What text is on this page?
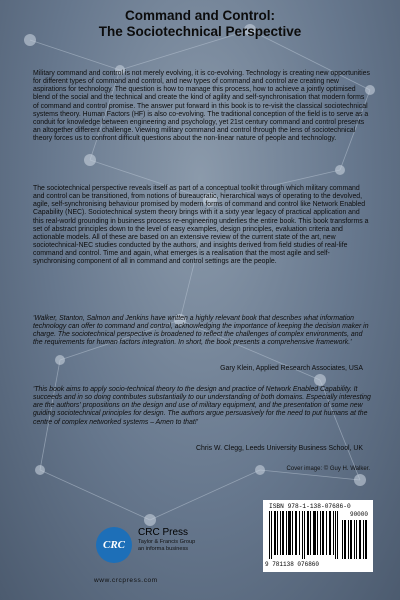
Command and Control:
The Sociotechnical Perspective

Military command and control is not merely evolving, it is co-evolving. Technology is creating new opportunities for different types of command and control, and new types of command and control are creating new aspirations for technology. The question is how to manage this process, how to achieve a jointly optimised blend of the social and the technical and create the kind of agility and self-synchronisation that modern forms of command and control promise. The answer put forward in this book is to re-visit the classical sociotechnical systems theory. Human Factors (HF) is also co-evolving. The traditional conception of the field is to serve as a conduit for knowledge between engineering and psychology, yet 21st century command and control presents an altogether different challenge. Viewing military command and control through the lens of sociotechnical theory forces us to confront difficult questions about the non-linear nature of people and technology.

The sociotechnical perspective reveals itself as part of a conceptual toolkit through which military command and control can be transitioned, from notions of bureaucratic, hierarchical ways of operating to the devolved, agile, self-synchronising behaviour promised by modern forms of command and control like Network Enabled Capability (NEC). Sociotechnical system theory brings with it a sixty year legacy of practical application and this real-world grounding in business process re-engineering underlies the entire book. This book transforms a set of abstract principles down to the level of easy examples, design principles, evaluation criteria and actionable models. All of these are based on an extensive review of the current state of the art, new sociotechnical-NEC studies conducted by the authors, and insights derived from field studies of real-life command and control. Time and again, what emerges is a realisation that the most agile and self-synchronising component of all in command and control settings are the people.

'Walker, Stanton, Salmon and Jenkins have written a highly relevant book that describes what information technology can offer to command and control, acknowledging the importance of keeping the decision maker in charge. The sociotechnical perspective is broadened to reflect the challenges of complex environments, and the requirements for human factors integration. In short, the book presents a comprehensive framework.'
Gary Klein, Applied Research Associates, USA
'This book aims to apply socio-technical theory to the design and practice of Network Enabled Capability. It succeeds and in so doing contributes substantially to our understanding of both domains. Especially interesting are the authors' propositions on the design and use of military equipment, and the presentation of some new guiding sociotechnical principles for design. The authors argue persuasively for the need to put humans at the centre of complex networked systems – Amen to that!'
Chris W. Clegg, Leeds University Business School, UK
Cover image: © Guy H. Walker.
CRC
CRC Press
Taylor & Francis Group
an informa business
www.crcpress.com
ISBN 978-1-138-07686-0
90000
9 781138 076860
